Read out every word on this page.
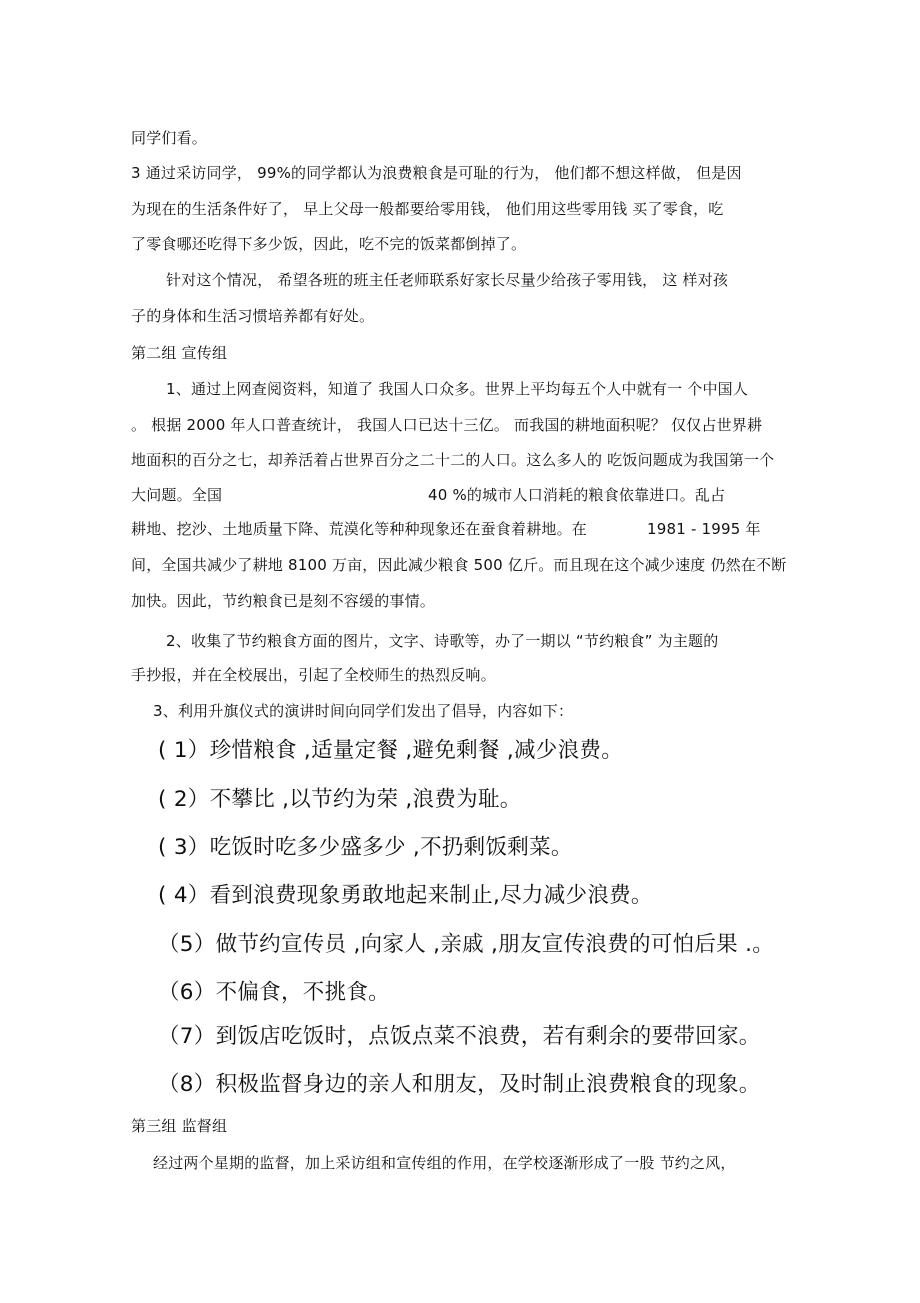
同学们看。
3 通过采访同学， 99%的同学都认为浪费粮食是可耻的行为， 他们都不想这样做， 但是因
为现在的生活条件好了， 早上父母一般都要给零用钱， 他们用这些零用钱 买了零食，吃
了零食哪还吃得下多少饭，因此，吃不完的饭菜都倒掉了。
针对这个情况， 希望各班的班主任老师联系好家长尽量少给孩子零用钱， 这 样对孩
子的身体和生活习惯培养都有好处。
第二组 宣传组
1、通过上网查阅资料，知道了 我国人口众多。世界上平均每五个人中就有一 个中国人
。 根据 2000 年人口普查统计， 我国人口已达十三亿。 而我国的耕地面积呢？ 仅仅占世界耕
地面积的百分之七，却养活着占世界百分之二十二的人口。这么多人的 吃饭问题成为我国第一个
大问题。全国	40 %的城市人口消耗的粮食依靠进口。乱占
耕地、挖沙、土地质量下降、荒漠化等种种现象还在蚕食着耕地。在	1981 - 1995 年
间，全国共减少了耕地 8100 万亩，因此减少粮食 500 亿斤。而且现在这个减少速度 仍然在不断
加快。因此，节约粮食已是刻不容缓的事情。
2、收集了节约粮食方面的图片，文字、诗歌等，办了一期以 “节约粮食” 为主题的
手抄报，并在全校展出，引起了全校师生的热烈反响。
3、利用升旗仪式的演讲时间向同学们发出了倡导，内容如下：
( 1）珍惜粮食 ,适量定餐 ,避免剩餐 ,减少浪费。
( 2）不攀比 ,以节约为荣 ,浪费为耻。
( 3）吃饭时吃多少盛多少 ,不扔剩饭剩菜。
( 4）看到浪费现象勇敢地起来制止,尽力减少浪费。
（5）做节约宣传员 ,向家人 ,亲戚 ,朋友宣传浪费的可怕后果 .。
（6）不偏食，不挑食。
（7）到饭店吃饭时，点饭点菜不浪费，若有剩余的要带回家。
（8）积极监督身边的亲人和朋友，及时制止浪费粮食的现象。
第三组 监督组
经过两个星期的监督，加上采访组和宣传组的作用，在学校逐渐形成了一股 节约之风，
